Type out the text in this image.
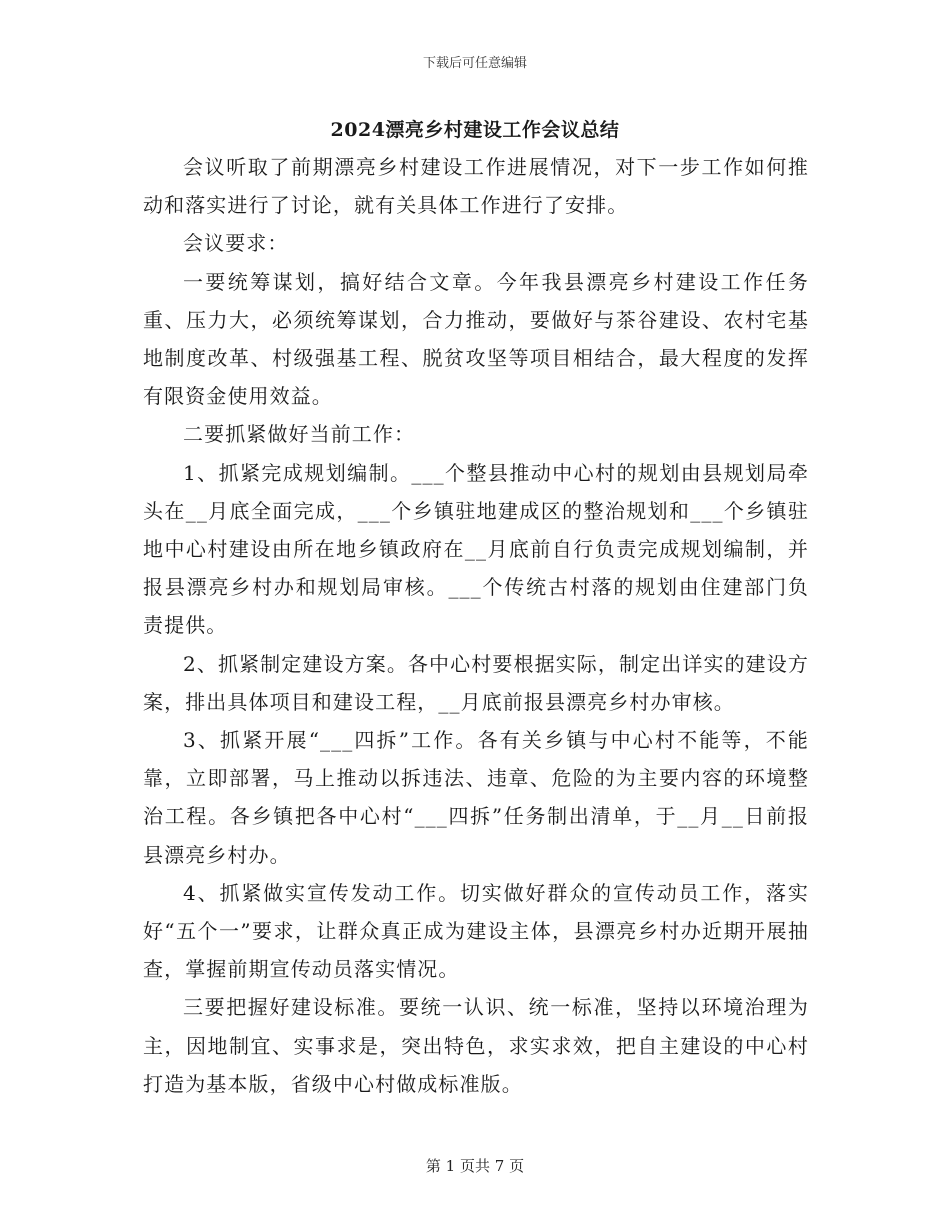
下载后可任意编辑
2024漂亮乡村建设工作会议总结

会议听取了前期漂亮乡村建设工作进展情况，对下一步工作如何推动和落实进行了讨论，就有关具体工作进行了安排。

会议要求：

一要统筹谋划，搞好结合文章。今年我县漂亮乡村建设工作任务重、压力大，必须统筹谋划，合力推动，要做好与茶谷建设、农村宅基地制度改革、村级强基工程、脱贫攻坚等项目相结合，最大程度的发挥有限资金使用效益。

二要抓紧做好当前工作：

1、抓紧完成规划编制。___个整县推动中心村的规划由县规划局牵头在__月底全面完成，___个乡镇驻地建成区的整治规划和___个乡镇驻地中心村建设由所在地乡镇政府在__月底前自行负责完成规划编制，并报县漂亮乡村办和规划局审核。___个传统古村落的规划由住建部门负责提供。

2、抓紧制定建设方案。各中心村要根据实际，制定出详实的建设方案，排出具体项目和建设工程，__月底前报县漂亮乡村办审核。

3、抓紧开展“___四拆”工作。各有关乡镇与中心村不能等，不能靠，立即部署，马上推动以拆违法、违章、危险的为主要内容的环境整治工程。各乡镇把各中心村“___四拆”任务制出清单，于__月__日前报县漂亮乡村办。

4、抓紧做实宣传发动工作。切实做好群众的宣传动员工作，落实好“五个一”要求，让群众真正成为建设主体，县漂亮乡村办近期开展抽查，掌握前期宣传动员落实情况。

三要把握好建设标准。要统一认识、统一标准，坚持以环境治理为主，因地制宜、实事求是，突出特色，求实求效，把自主建设的中心村打造为基本版，省级中心村做成标准版。

第 1 页共 7 页
